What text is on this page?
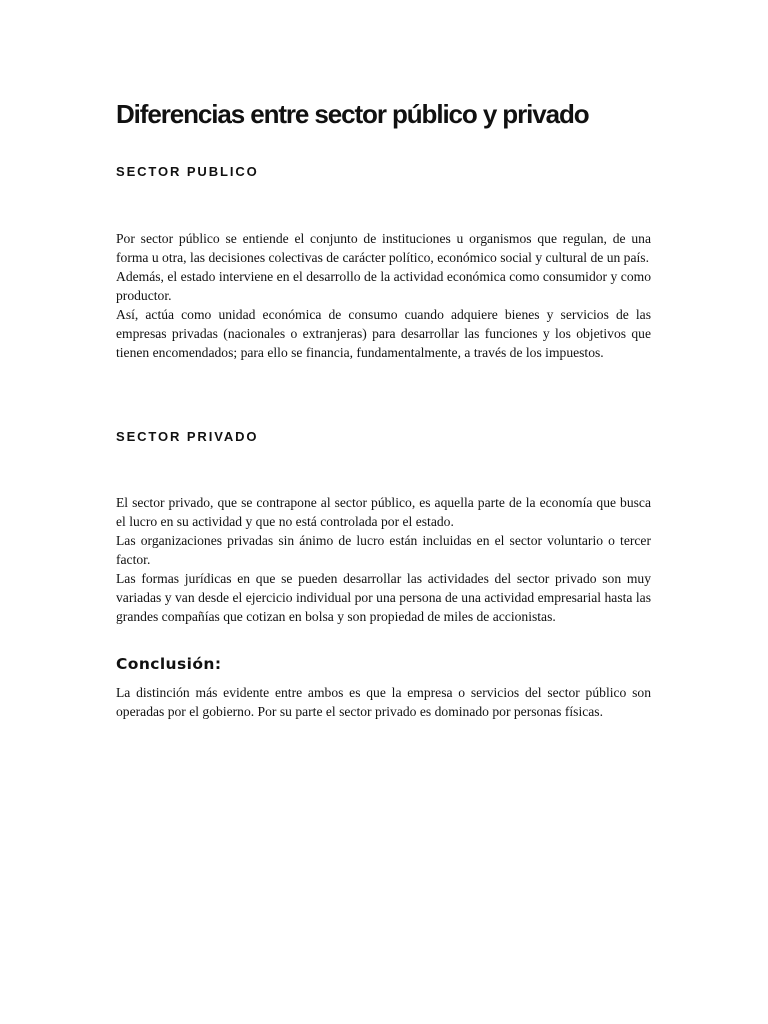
Diferencias entre sector público y privado
SECTOR PUBLICO

Por sector público se entiende el conjunto de instituciones u organismos que regulan, de una forma u otra, las decisiones colectivas de carácter político, económico social y cultural de un país.

Además, el estado interviene en el desarrollo de la actividad económica como consumidor y como productor.

Así, actúa como unidad económica de consumo cuando adquiere bienes y servicios de las empresas privadas (nacionales o extranjeras) para desarrollar las funciones y los objetivos que tienen encomendados; para ello se financia, fundamentalmente, a través de los impuestos.

SECTOR PRIVADO

El sector privado, que se contrapone al sector público, es aquella parte de la economía que busca el lucro en su actividad y que no está controlada por el estado.

Las organizaciones privadas sin ánimo de lucro están incluidas en el sector voluntario o tercer factor.

Las formas jurídicas en que se pueden desarrollar las actividades del sector privado son muy variadas y van desde el ejercicio individual por una persona de una actividad empresarial hasta las grandes compañías que cotizan en bolsa y son propiedad de miles de accionistas.

Conclusión:

La distinción más evidente entre ambos es que la empresa o servicios del sector público son operadas por el gobierno. Por su parte el sector privado es dominado por personas físicas.
